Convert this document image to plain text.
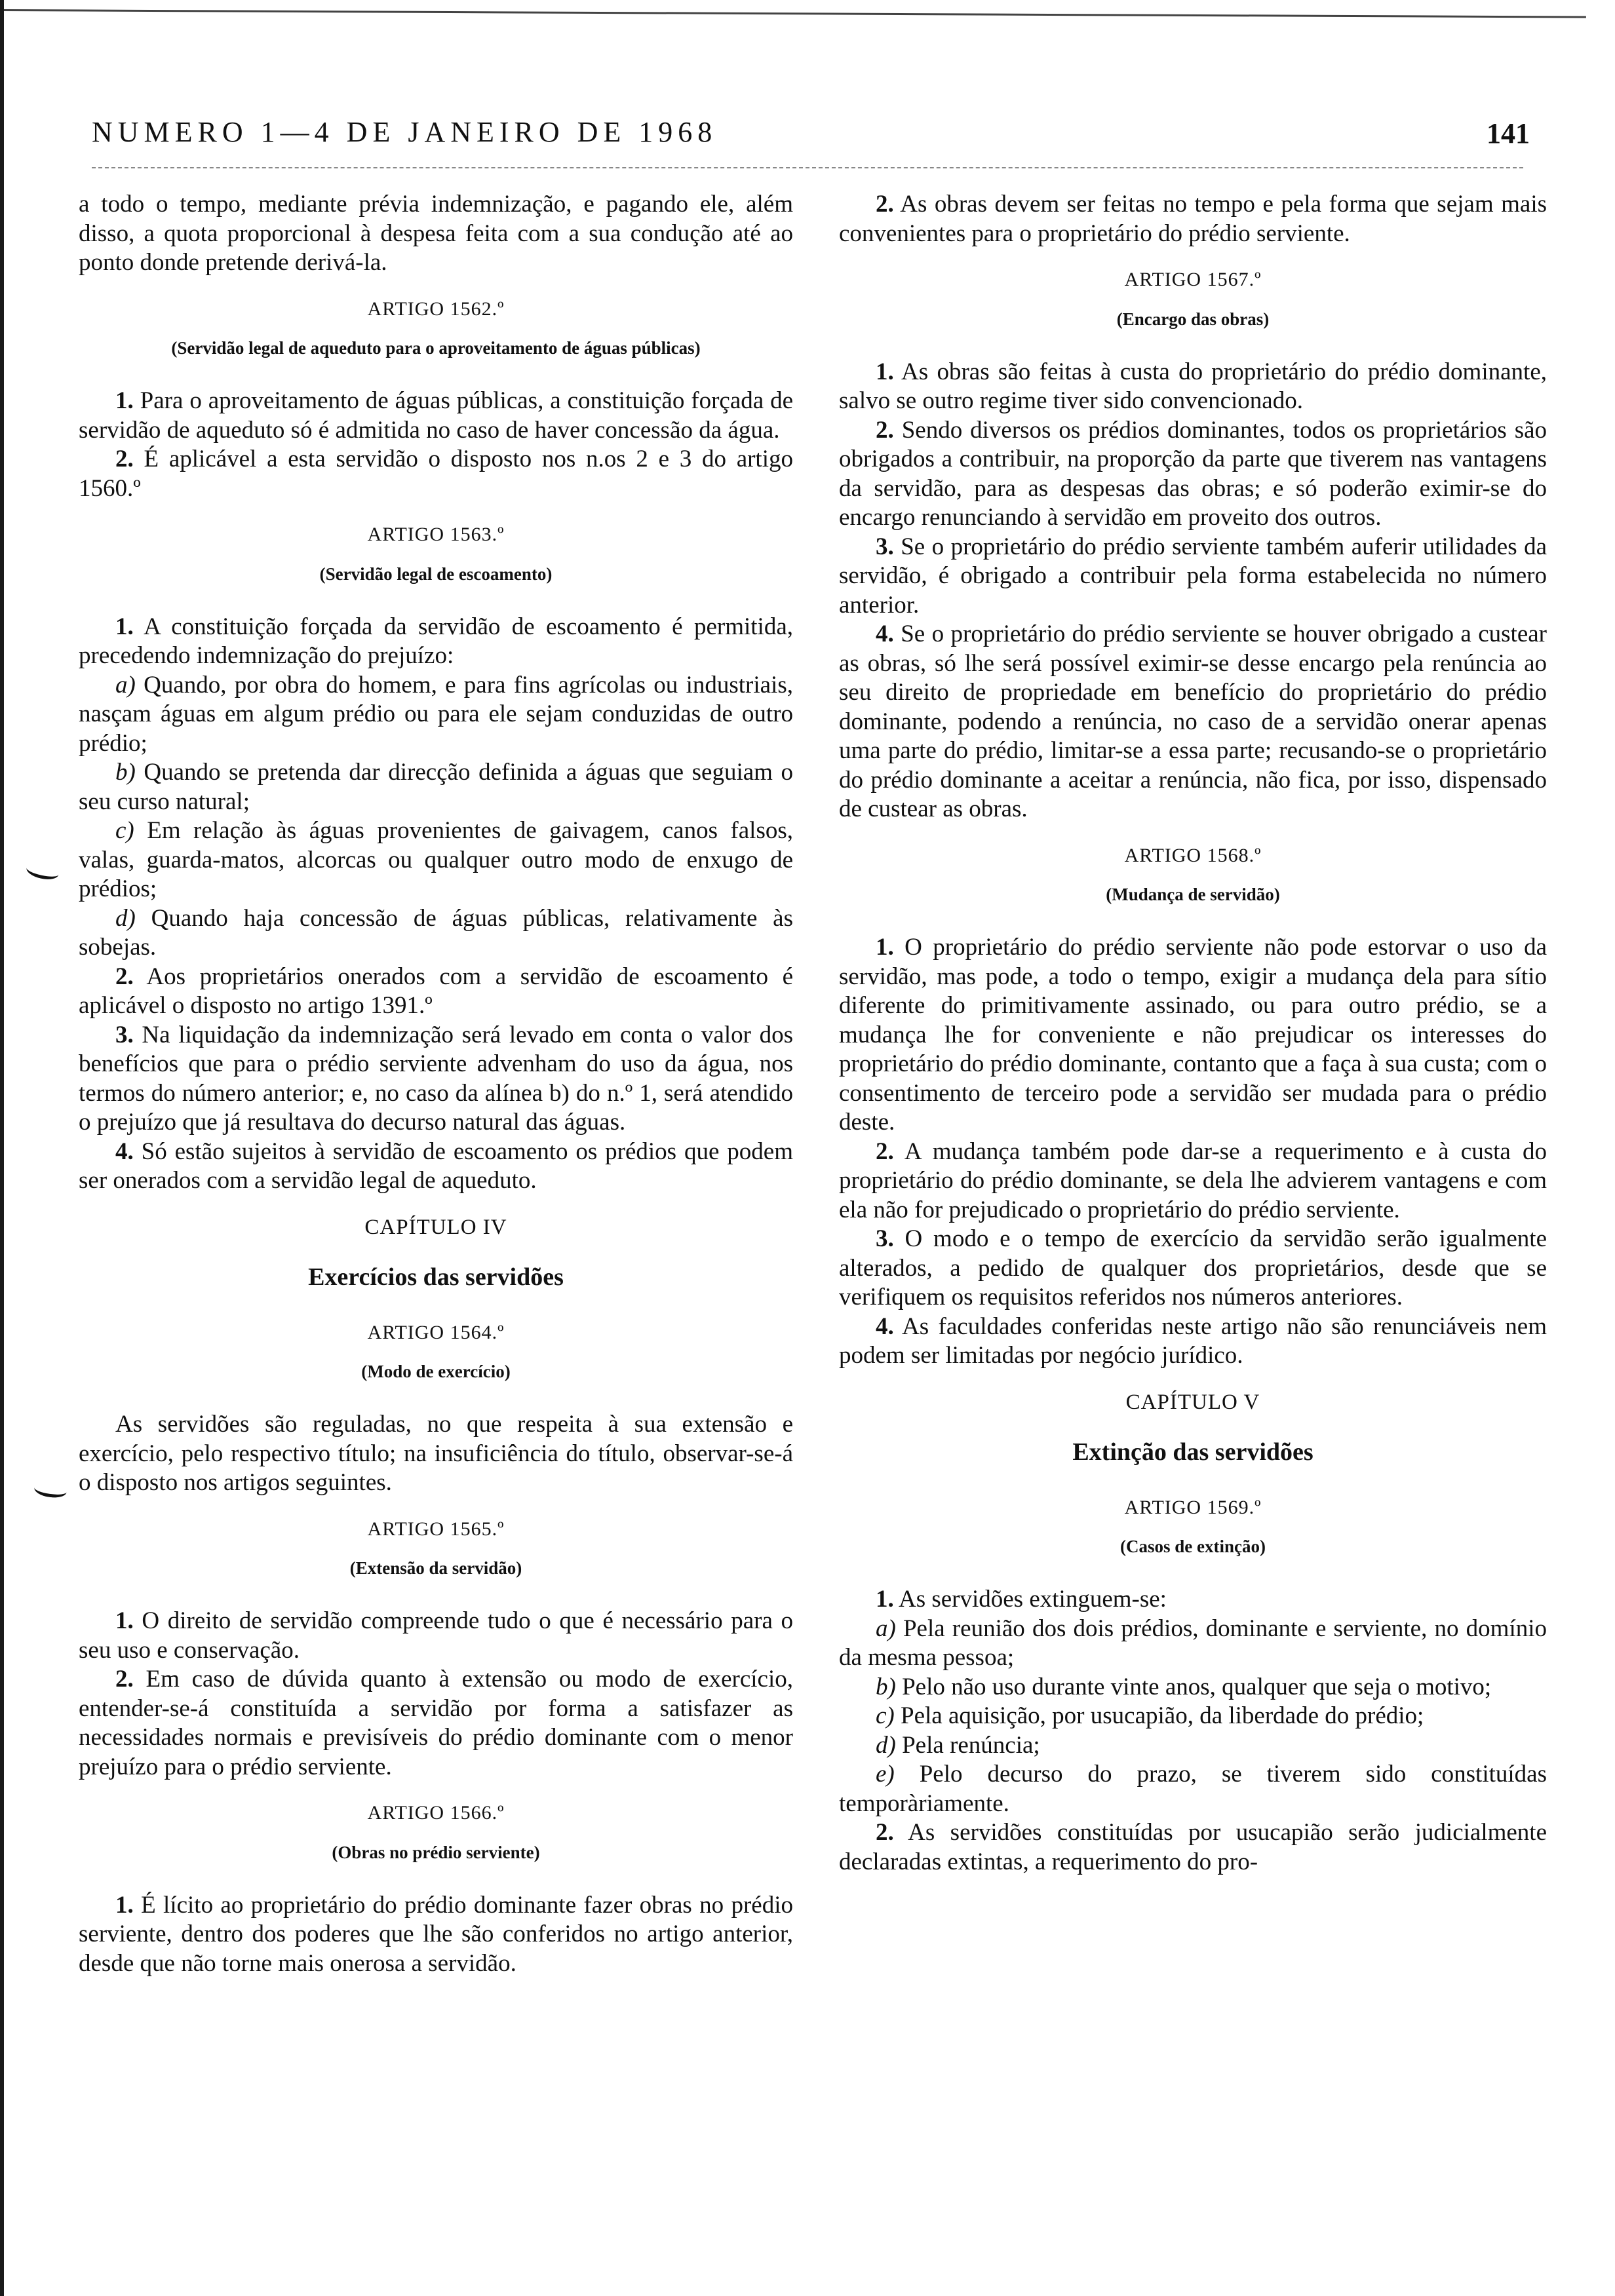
NUMERO 1—4 DE JANEIRO DE 1968	141

a todo o tempo, mediante prévia indemnização, e pagando ele, além disso, a quota proporcional à despesa feita com a sua condução até ao ponto donde pretende derivá-la.

ARTIGO 1562.º
(Servidão legal de aqueduto para o aproveitamento de águas públicas)

1. Para o aproveitamento de águas públicas, a constituição forçada de servidão de aqueduto só é admitida no caso de haver concessão da água.

2. É aplicável a esta servidão o disposto nos n.os 2 e 3 do artigo 1560.º

ARTIGO 1563.º
(Servidão legal de escoamento)

1. A constituição forçada da servidão de escoamento é permitida, precedendo indemnização do prejuízo:

a) Quando, por obra do homem, e para fins agrícolas ou industriais, nasçam águas em algum prédio ou para ele sejam conduzidas de outro prédio;

b) Quando se pretenda dar direcção definida a águas que seguiam o seu curso natural;

c) Em relação às águas provenientes de gaivagem, canos falsos, valas, guarda-matos, alcorcas ou qualquer outro modo de enxugo de prédios;

d) Quando haja concessão de águas públicas, relativamente às sobejas.

2. Aos proprietários onerados com a servidão de escoamento é aplicável o disposto no artigo 1391.º

3. Na liquidação da indemnização será levado em conta o valor dos benefícios que para o prédio serviente advenham do uso da água, nos termos do número anterior; e, no caso da alínea b) do n.º 1, será atendido o prejuízo que já resultava do decurso natural das águas.

4. Só estão sujeitos à servidão de escoamento os prédios que podem ser onerados com a servidão legal de aqueduto.

CAPÍTULO IV
Exercícios das servidões
ARTIGO 1564.º
(Modo de exercício)

As servidões são reguladas, no que respeita à sua extensão e exercício, pelo respectivo título; na insuficiência do título, observar-se-á o disposto nos artigos seguintes.

ARTIGO 1565.º
(Extensão da servidão)

1. O direito de servidão compreende tudo o que é necessário para o seu uso e conservação.

2. Em caso de dúvida quanto à extensão ou modo de exercício, entender-se-á constituída a servidão por forma a satisfazer as necessidades normais e previsíveis do prédio dominante com o menor prejuízo para o prédio serviente.

ARTIGO 1566.º
(Obras no prédio serviente)

1. É lícito ao proprietário do prédio dominante fazer obras no prédio serviente, dentro dos poderes que lhe são conferidos no artigo anterior, desde que não torne mais onerosa a servidão.

2. As obras devem ser feitas no tempo e pela forma que sejam mais convenientes para o proprietário do prédio serviente.

ARTIGO 1567.º
(Encargo das obras)

1. As obras são feitas à custa do proprietário do prédio dominante, salvo se outro regime tiver sido convencionado.

2. Sendo diversos os prédios dominantes, todos os proprietários são obrigados a contribuir, na proporção da parte que tiverem nas vantagens da servidão, para as despesas das obras; e só poderão eximir-se do encargo renunciando à servidão em proveito dos outros.

3. Se o proprietário do prédio serviente também auferir utilidades da servidão, é obrigado a contribuir pela forma estabelecida no número anterior.

4. Se o proprietário do prédio serviente se houver obrigado a custear as obras, só lhe será possível eximir-se desse encargo pela renúncia ao seu direito de propriedade em benefício do proprietário do prédio dominante, podendo a renúncia, no caso de a servidão onerar apenas uma parte do prédio, limitar-se a essa parte; recusando-se o proprietário do prédio dominante a aceitar a renúncia, não fica, por isso, dispensado de custear as obras.

ARTIGO 1568.º
(Mudança de servidão)

1. O proprietário do prédio serviente não pode estorvar o uso da servidão, mas pode, a todo o tempo, exigir a mudança dela para sítio diferente do primitivamente assinado, ou para outro prédio, se a mudança lhe for conveniente e não prejudicar os interesses do proprietário do prédio dominante, contanto que a faça à sua custa; com o consentimento de terceiro pode a servidão ser mudada para o prédio deste.

2. A mudança também pode dar-se a requerimento e à custa do proprietário do prédio dominante, se dela lhe advierem vantagens e com ela não for prejudicado o proprietário do prédio serviente.

3. O modo e o tempo de exercício da servidão serão igualmente alterados, a pedido de qualquer dos proprietários, desde que se verifiquem os requisitos referidos nos números anteriores.

4. As faculdades conferidas neste artigo não são renunciáveis nem podem ser limitadas por negócio jurídico.

CAPÍTULO V
Extinção das servidões
ARTIGO 1569.º
(Casos de extinção)

1. As servidões extinguem-se:

a) Pela reunião dos dois prédios, dominante e serviente, no domínio da mesma pessoa;

b) Pelo não uso durante vinte anos, qualquer que seja o motivo;

c) Pela aquisição, por usucapião, da liberdade do prédio;

d) Pela renúncia;

e) Pelo decurso do prazo, se tiverem sido constituídas temporàriamente.

2. As servidões constituídas por usucapião serão judicialmente declaradas extintas, a requerimento do pro-
